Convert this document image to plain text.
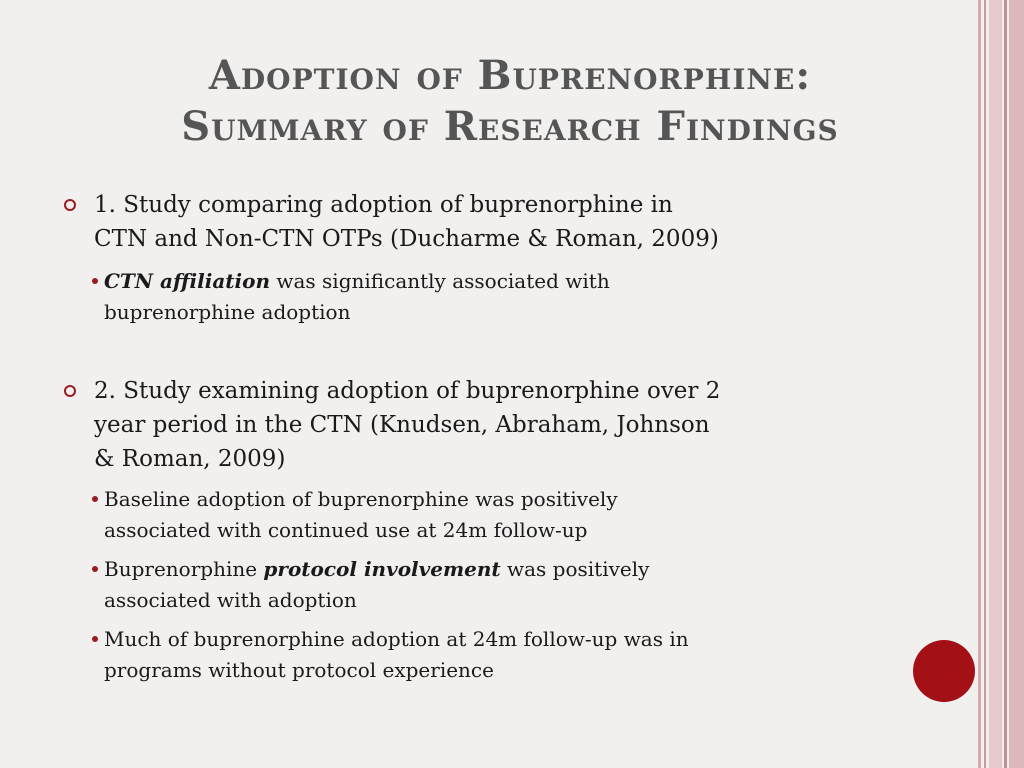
Adoption of Buprenorphine:
Summary of Research Findings
1. Study comparing adoption of buprenorphine in
CTN and Non-CTN OTPs (Ducharme & Roman, 2009)
CTN affiliation was significantly associated with
buprenorphine adoption
2. Study examining adoption of buprenorphine over 2
year period in the CTN (Knudsen, Abraham, Johnson
& Roman, 2009)
Baseline adoption of buprenorphine was positively
associated with continued use at 24m follow-up
Buprenorphine protocol involvement was positively
associated with adoption
Much of buprenorphine adoption at 24m follow-up was in
programs without protocol experience
